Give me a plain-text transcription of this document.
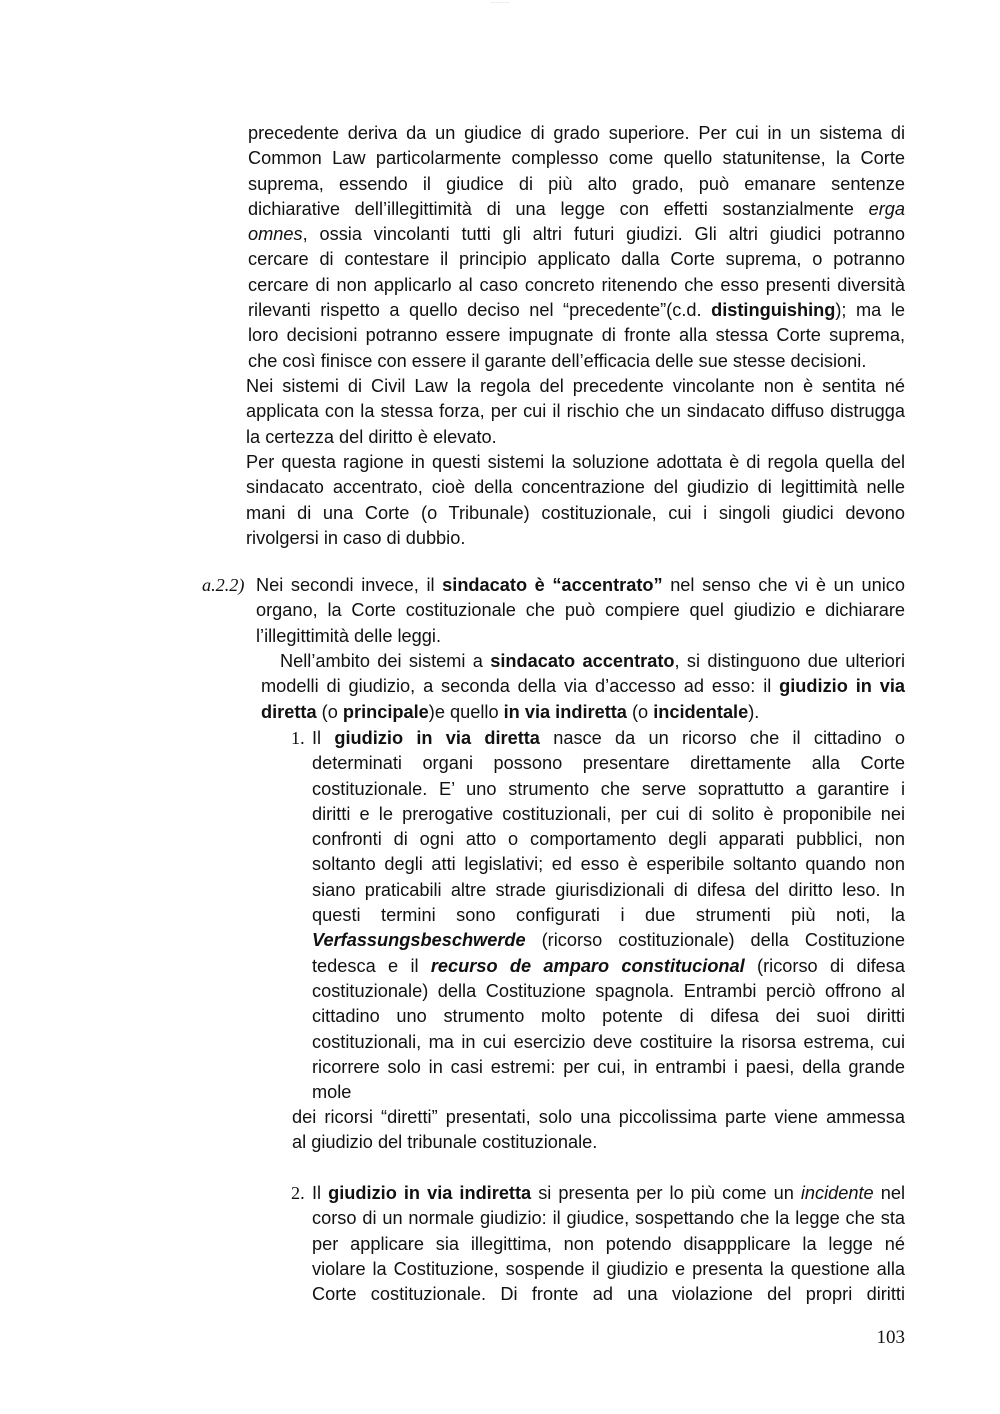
— — — — —
precedente deriva da un giudice di grado superiore. Per cui in un sistema di
Common Law particolarmente complesso come quello statunitense, la Corte
suprema, essendo il giudice di più alto grado, può emanare sentenze
dichiarative dell’illegittimità di una legge con effetti sostanzialmente erga
omnes, ossia vincolanti tutti gli altri futuri giudizi. Gli altri giudici potranno
cercare di contestare il principio applicato dalla Corte suprema, o potranno
cercare di non applicarlo al caso concreto ritenendo che esso presenti diversità
rilevanti rispetto a quello deciso nel “precedente”(c.d. distinguishing); ma le
loro decisioni potranno essere impugnate di fronte alla stessa Corte suprema,
che così finisce con essere il garante dell’efficacia delle sue stesse decisioni.
Nei sistemi di Civil Law la regola del precedente vincolante non è sentita né
applicata con la stessa forza, per cui il rischio che un sindacato diffuso distrugga
la certezza del diritto è elevato.
Per questa ragione in questi sistemi la soluzione adottata è di regola quella del
sindacato accentrato, cioè della concentrazione del giudizio di legittimità nelle
mani di una Corte (o Tribunale) costituzionale, cui i singoli giudici devono
rivolgersi in caso di dubbio.
a.2.2) Nei secondi invece, il sindacato è “accentrato” nel senso che vi è un unico
organo, la Corte costituzionale che può compiere quel giudizio e dichiarare
l’illegittimità delle leggi.
Nell’ambito dei sistemi a sindacato accentrato, si distinguono due ulteriori
modelli di giudizio, a seconda della via d’accesso ad esso: il giudizio in via
diretta (o principale)e quello in via indiretta (o incidentale).
1. Il giudizio in via diretta nasce da un ricorso che il cittadino o
determinati organi possono presentare direttamente alla Corte
costituzionale. E’ uno strumento che serve soprattutto a garantire i
diritti e le prerogative costituzionali, per cui di solito è proponibile nei
confronti di ogni atto o comportamento degli apparati pubblici, non
soltanto degli atti legislativi; ed esso è esperibile soltanto quando non
siano praticabili altre strade giurisdizionali di difesa del diritto leso. In
questi termini sono configurati i due strumenti più noti, la
Verfassungsbeschwerde (ricorso costituzionale) della Costituzione
tedesca e il recurso de amparo constitucional (ricorso di difesa
costituzionale) della Costituzione spagnola. Entrambi perciò offrono al
cittadino uno strumento molto potente di difesa dei suoi diritti
costituzionali, ma in cui esercizio deve costituire la risorsa estrema, cui
ricorrere solo in casi estremi: per cui, in entrambi i paesi, della grande
mole
dei ricorsi “diretti” presentati, solo una piccolissima parte viene ammessa
al giudizio del tribunale costituzionale.
2. Il giudizio in via indiretta si presenta per lo più come un incidente nel
corso di un normale giudizio: il giudice, sospettando che la legge che sta
per applicare sia illegittima, non potendo disappplicare la legge né
violare la Costituzione, sospende il giudizio e presenta la questione alla
Corte costituzionale. Di fronte ad una violazione del propri diritti
103
